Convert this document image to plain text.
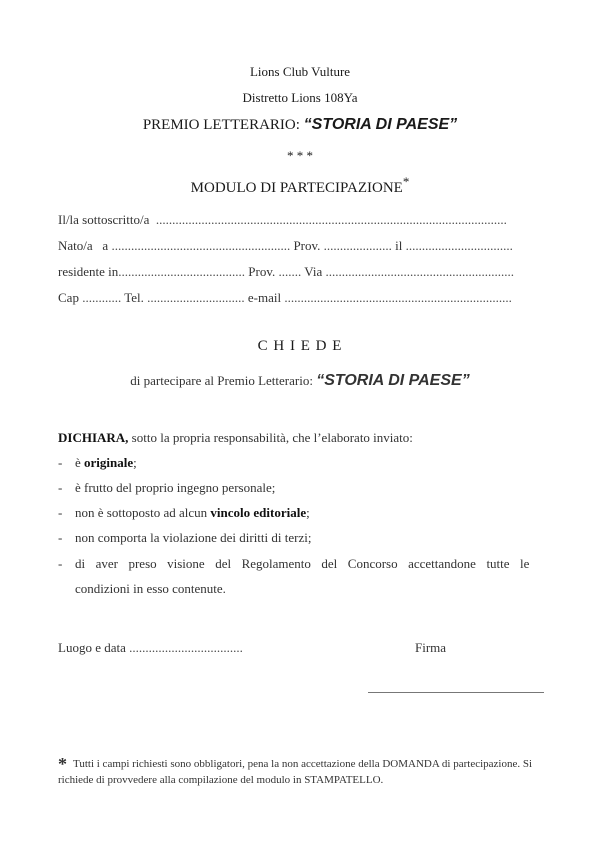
Lions Club Vulture
Distretto Lions 108Ya
PREMIO LETTERARIO: “STORIA DI PAESE”
* * *
MODULO DI PARTECIPAZIONE*
Il/la sottoscritto/a ............................................................................................................
Nato/a a ....................................................... Prov. ..................... il .................................
residente in....................................... Prov. ....... Via ..........................................................
Cap ............ Tel. .............................. e-mail ......................................................................
C H I E D E
di partecipare al Premio Letterario: “STORIA DI PAESE”
DICHIARA, sotto la propria responsabilità, che l’elaborato inviato:
- è originale;
- è frutto del proprio ingegno personale;
- non è sottoposto ad alcun vincolo editoriale;
- non comporta la violazione dei diritti di terzi;
- di  aver  preso  visione  del  Regolamento  del  Concorso  accettandone  tutte  le
condizioni in esso contenute.
Luogo e data ...................................	Firma
* Tutti i campi richiesti sono obbligatori, pena la non accettazione della DOMANDA di partecipazione. Si richiede di provvedere alla compilazione del modulo in STAMPATELLO.
